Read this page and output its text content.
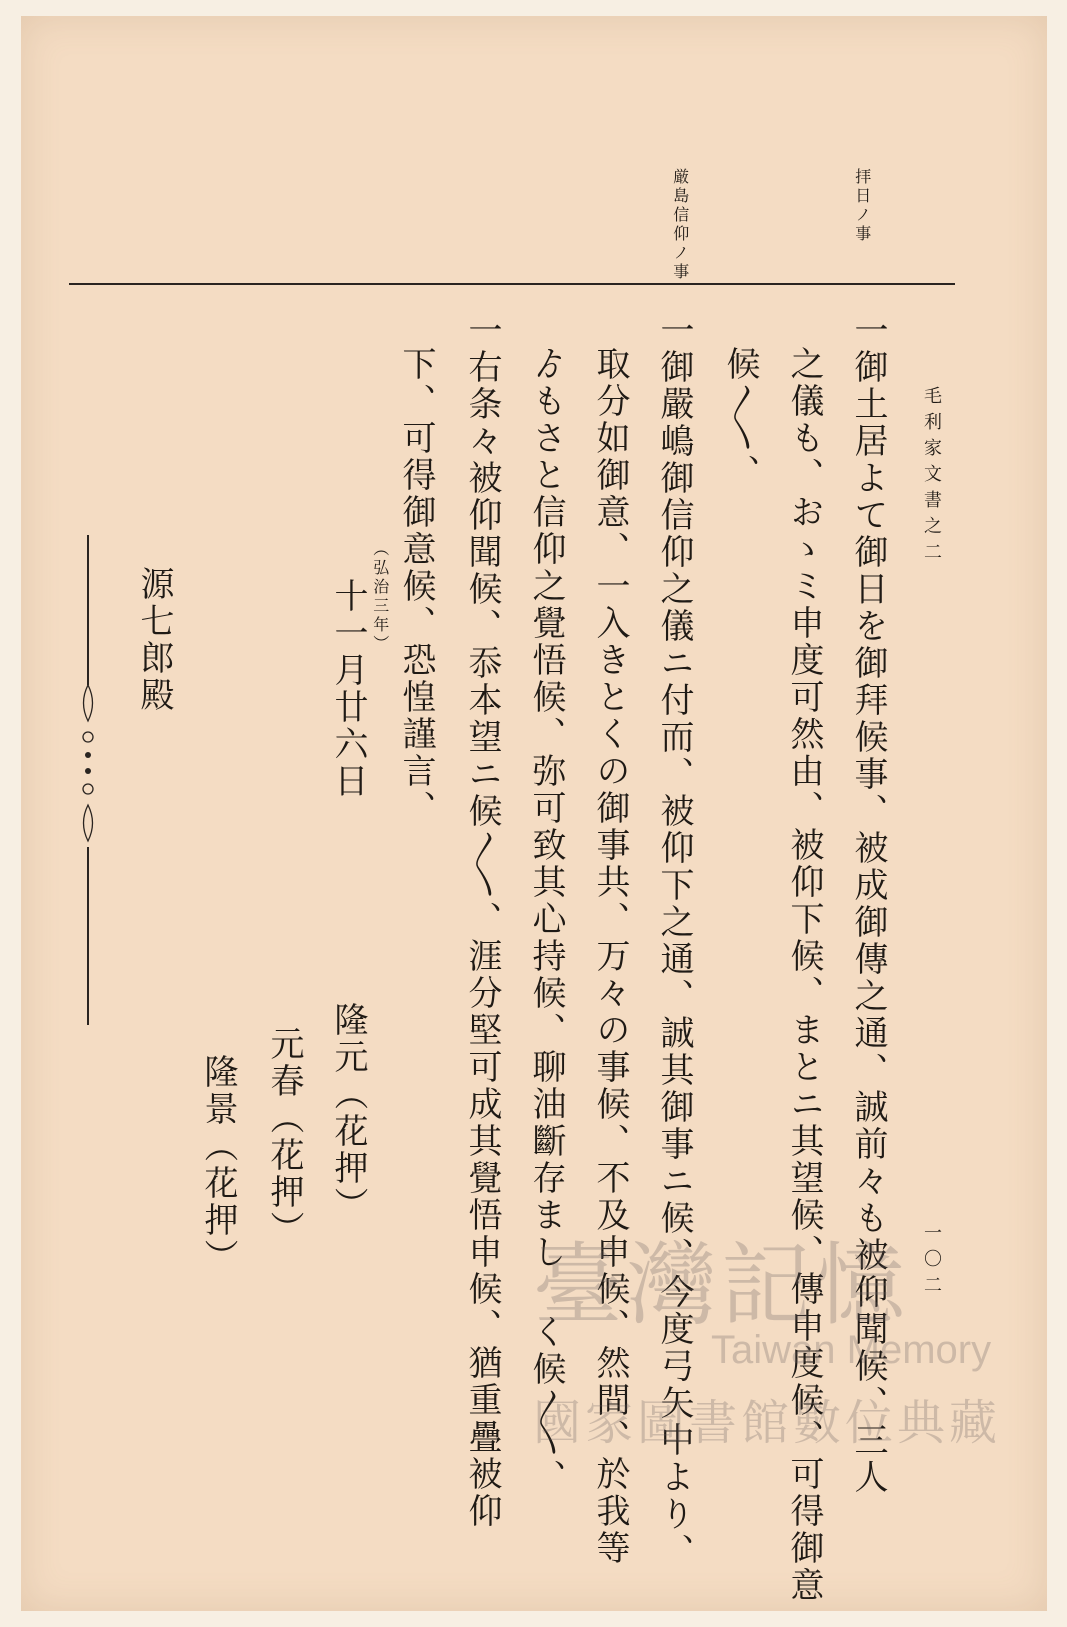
毛利家文書之二
一〇二
拝日ノ事
厳島信仰ノ事
一御土居よて御日を御拜候事、被成御傳之通、誠前々も被仰聞候、三人
之儀も、おゝミ申度可然由、被仰下候、まとニ其望候、傳申度候、可得御意
候〳〵、
一御嚴嶋御信仰之儀ニ付而、被仰下之通、誠其御事ニ候、今度弓矢中より、
取分如御意、一入きとくの御事共、万々の事候、不及申候、然間、於我等
ゟもさと信仰之覺悟候、弥可致其心持候、聊油斷存まし く候〳〵、
一右条々被仰聞候、忝本望ニ候〳〵、涯分堅可成其覺悟申候、猶重疊被仰
下、可得御意候、恐惶謹言、
（弘治三年）
十一月廿六日
隆元（花押）
元春（花押）
隆景（花押）
源七郎殿
臺灣記憶
Taiwan Memory
國家圖書館數位典藏
